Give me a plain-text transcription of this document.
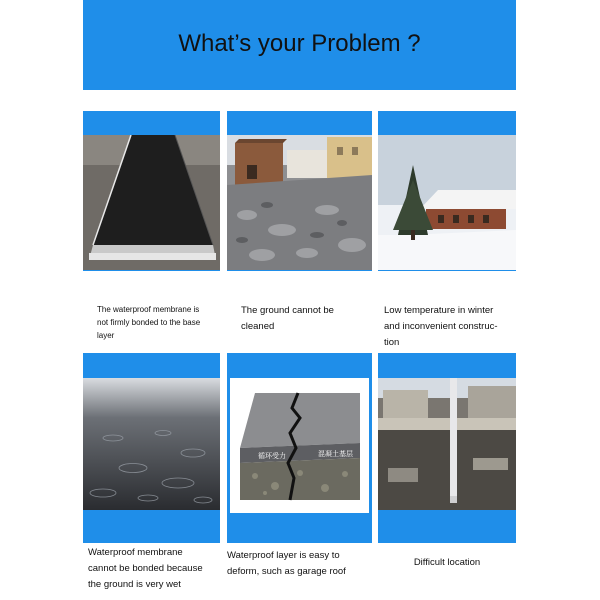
What’s your Problem ?
The waterproof membrane is
not firmly bonded to the base
layer
The ground cannot be
cleaned
Low temperature in winter
and inconvenient construc-
tion
Waterproof membrane
cannot be bonded because
the ground is very wet
循环受力	混凝土基层
Waterproof layer is easy to
deform, such as garage roof
Difficult location
